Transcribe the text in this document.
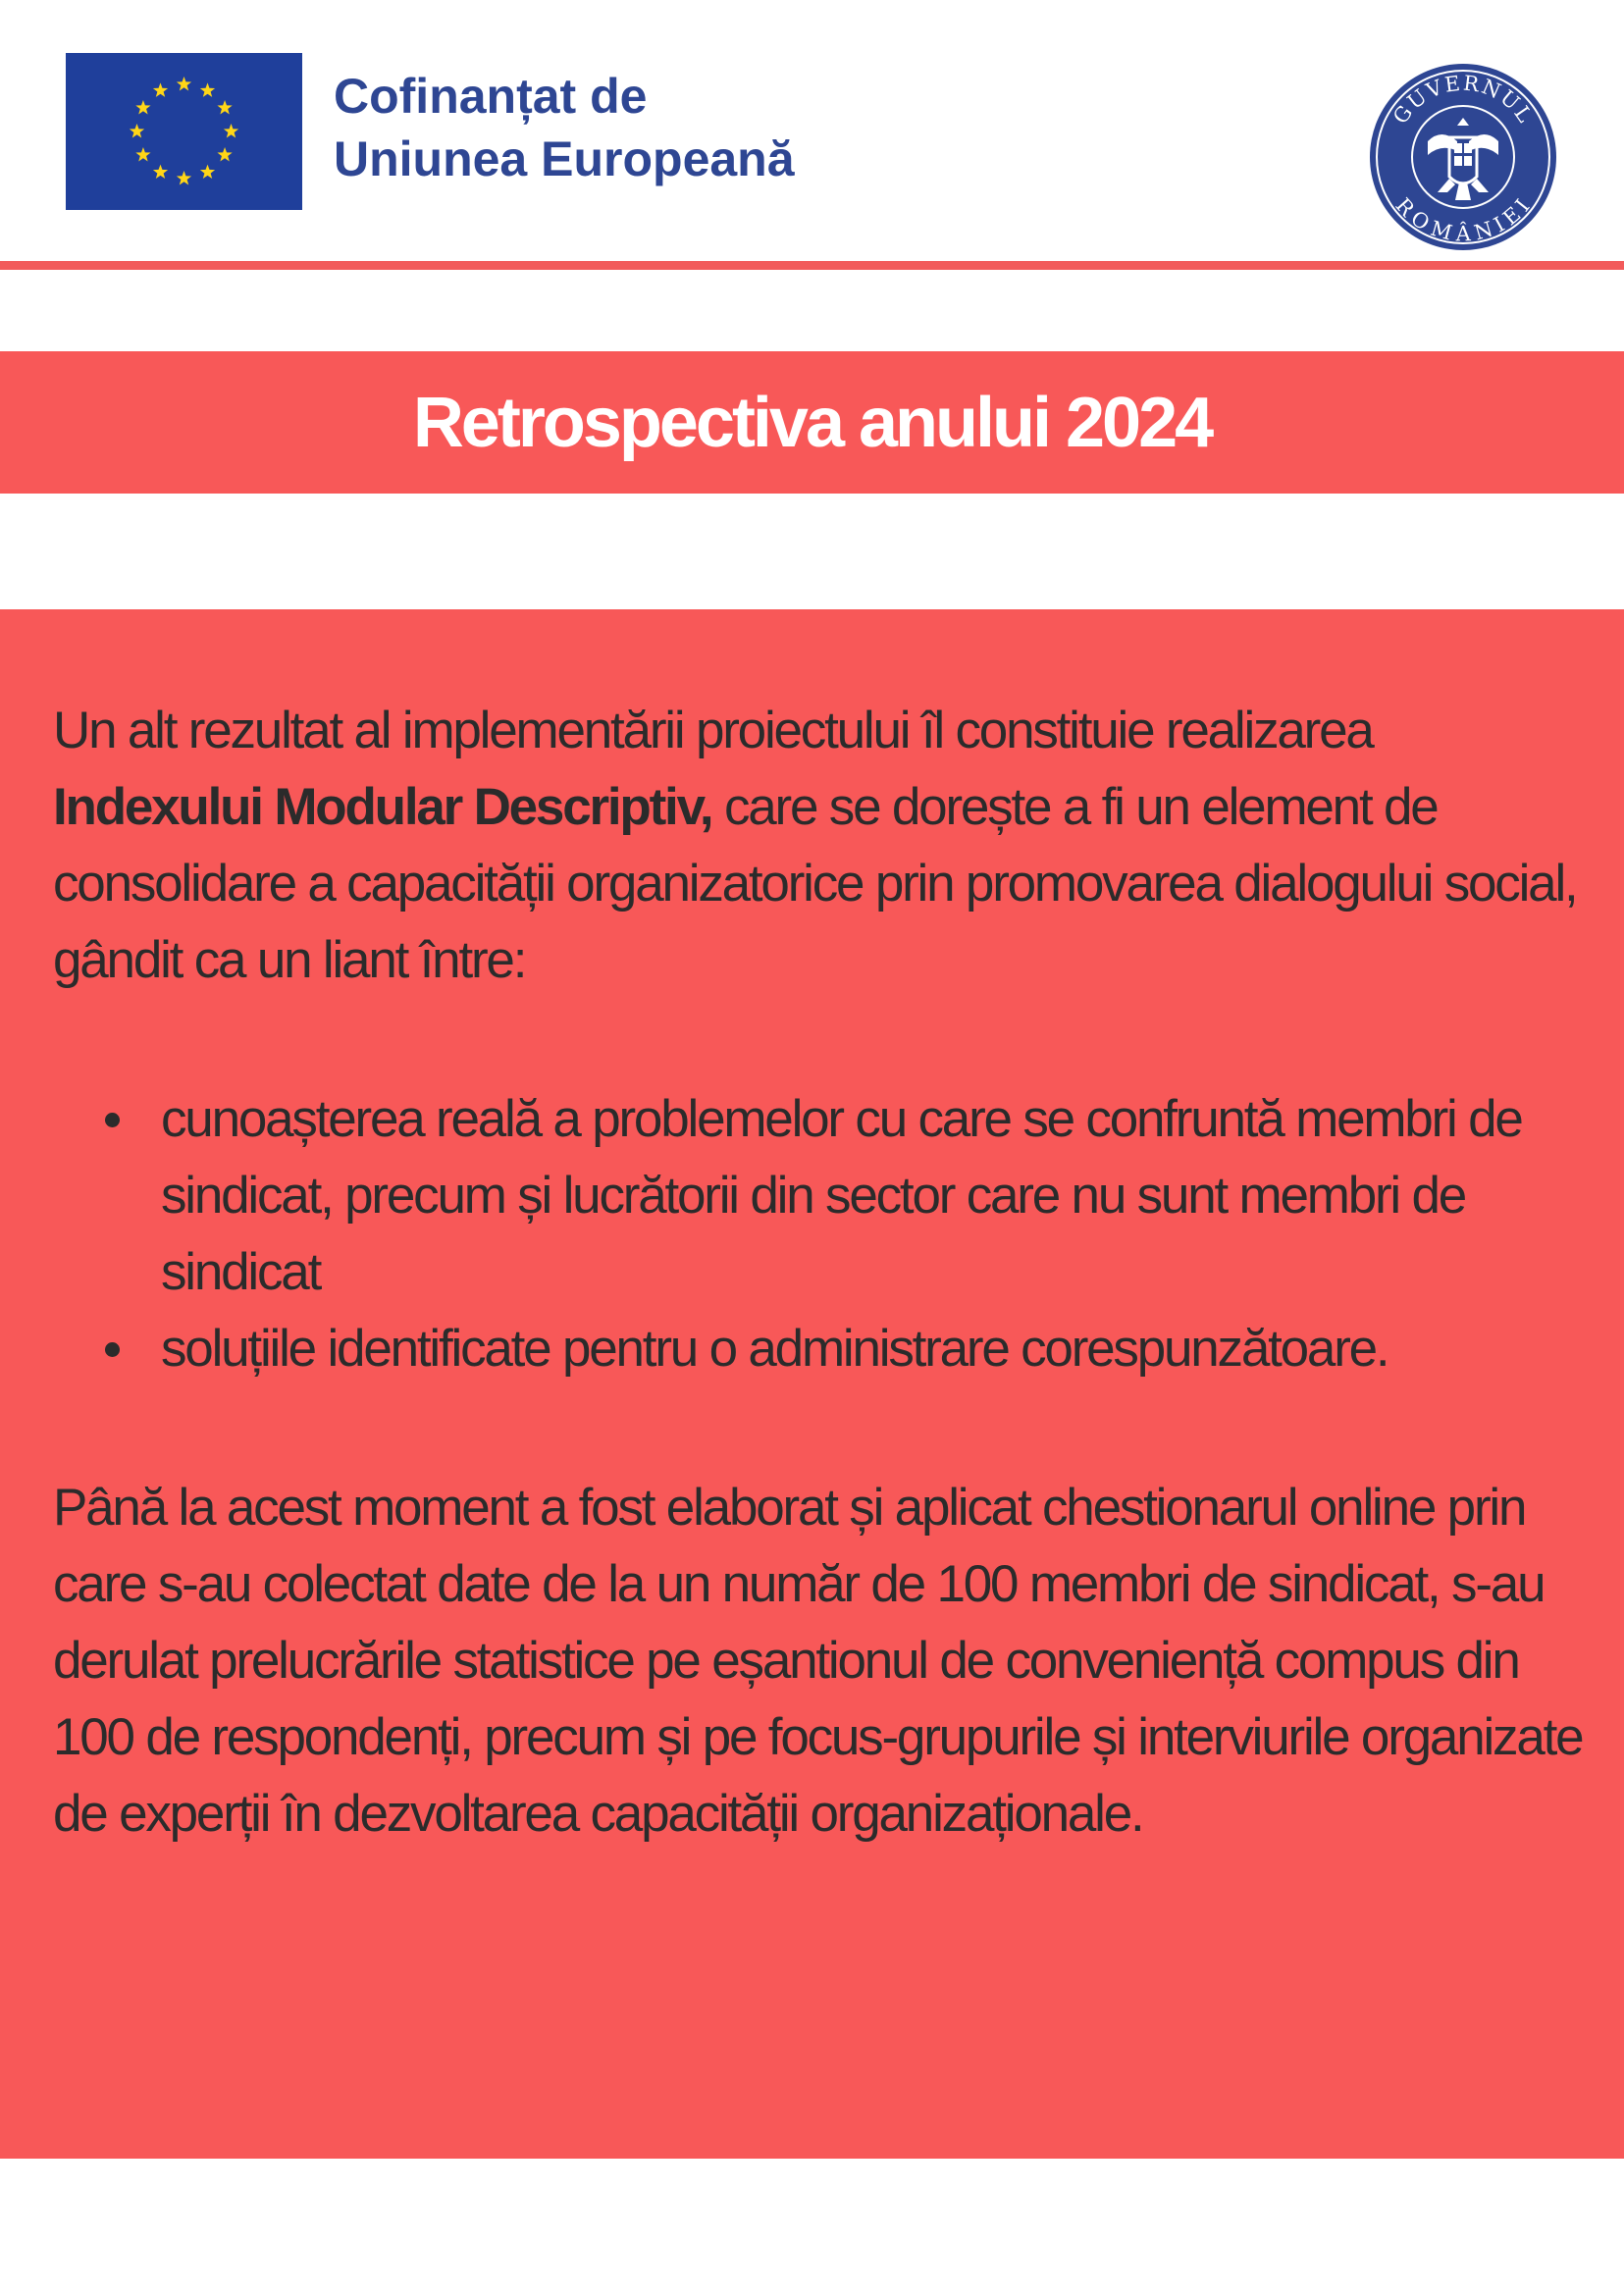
Cofinanțat de
Uniunea Europeană
GUVERNUL
ROMÂNIEI
Retrospectiva anului 2024

Un alt rezultat al implementării proiectului îl constituie realizarea Indexului Modular Descriptiv, care se dorește a fi un element de consolidare a capacității organizatorice prin promovarea dialogului social, gândit ca un liant între:

cunoașterea reală a problemelor cu care se confruntă membri de sindicat, precum și lucrătorii din sector care nu sunt membri de sindicat
soluțiile identificate pentru o administrare corespunzătoare.

Până la acest moment a fost elaborat și aplicat chestionarul online prin care s-au colectat date de la un număr de 100 membri de sindicat, s-au derulat prelucrările statistice pe eșantionul de conveniență compus din 100 de respondenți, precum și pe focus-grupurile și interviurile organizate de experții în dezvoltarea capacității organizaționale.
